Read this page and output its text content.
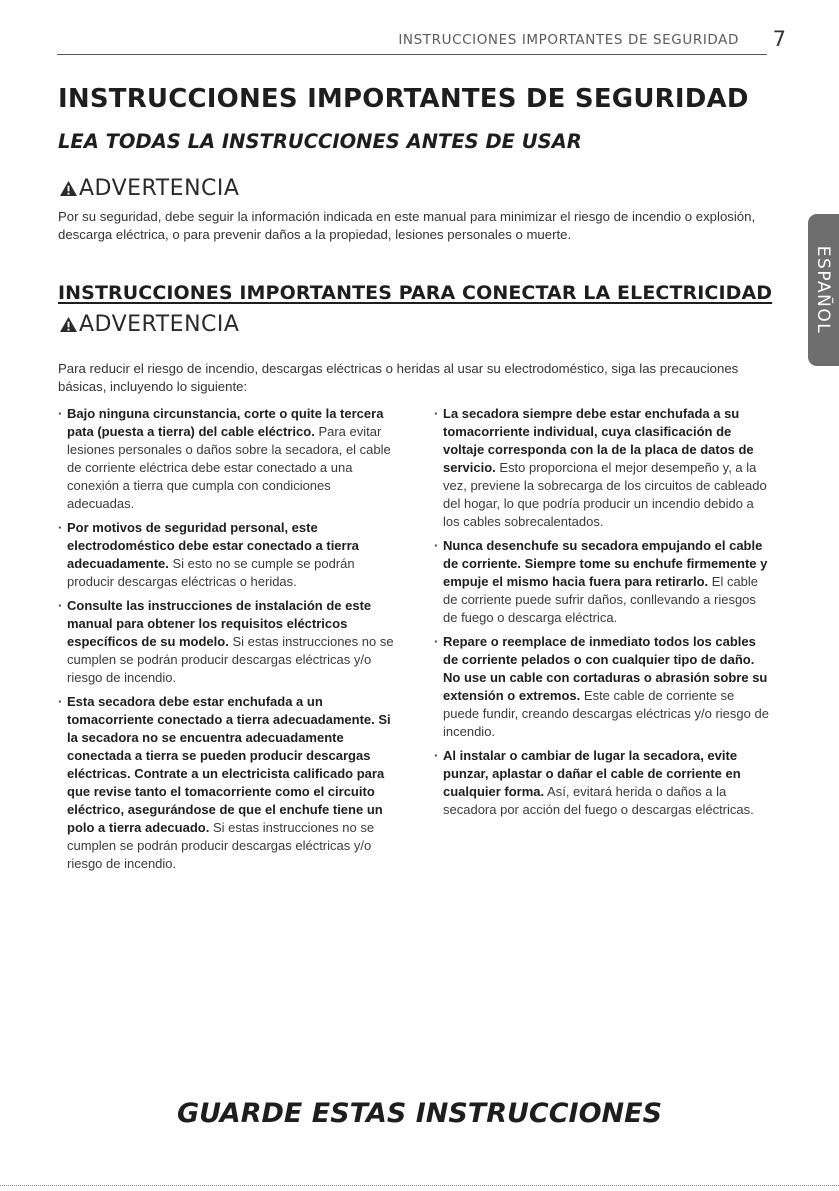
INSTRUCCIONES IMPORTANTES DE SEGURIDAD 7
ESPAÑOL
INSTRUCCIONES IMPORTANTES DE SEGURIDAD
LEA TODAS LA INSTRUCCIONES ANTES DE USAR
ADVERTENCIA

Por su seguridad, debe seguir la información indicada en este manual para minimizar el riesgo de incendio o explosión, descarga eléctrica, o para prevenir daños a la propiedad, lesiones personales o muerte.

INSTRUCCIONES IMPORTANTES PARA CONECTAR LA ELECTRICIDAD
ADVERTENCIA

Para reducir el riesgo de incendio, descargas eléctricas o heridas al usar su electrodoméstico, siga las precauciones básicas, incluyendo lo siguiente:

· Bajo ninguna circunstancia, corte o quite la tercera pata (puesta a tierra) del cable eléctrico. Para evitar lesiones personales o daños sobre la secadora, el cable de corriente eléctrica debe estar conectado a una conexión a tierra que cumpla con condiciones adecuadas.
· Por motivos de seguridad personal, este electrodoméstico debe estar conectado a tierra adecuadamente. Si esto no se cumple se podrán producir descargas eléctricas o heridas.
· Consulte las instrucciones de instalación de este manual para obtener los requisitos eléctricos específicos de su modelo. Si estas instrucciones no se cumplen se podrán producir descargas eléctricas y/o riesgo de incendio.
· Esta secadora debe estar enchufada a un tomacorriente conectado a tierra adecuadamente. Si la secadora no se encuentra adecuadamente conectada a tierra se pueden producir descargas eléctricas. Contrate a un electricista calificado para que revise tanto el tomacorriente como el circuito eléctrico, asegurándose de que el enchufe tiene un polo a tierra adecuado. Si estas instrucciones no se cumplen se podrán producir descargas eléctricas y/o riesgo de incendio.
· La secadora siempre debe estar enchufada a su tomacorriente individual, cuya clasificación de voltaje corresponda con la de la placa de datos de servicio. Esto proporciona el mejor desempeño y, a la vez, previene la sobrecarga de los circuitos de cableado del hogar, lo que podría producir un incendio debido a los cables sobrecalentados.
· Nunca desenchufe su secadora empujando el cable de corriente. Siempre tome su enchufe firmemente y empuje el mismo hacia fuera para retirarlo. El cable de corriente puede sufrir daños, conllevando a riesgos de fuego o descarga eléctrica.
· Repare o reemplace de inmediato todos los cables de corriente pelados o con cualquier tipo de daño. No use un cable con cortaduras o abrasión sobre su extensión o extremos. Este cable de corriente se puede fundir, creando descargas eléctricas y/o riesgo de incendio.
· Al instalar o cambiar de lugar la secadora, evite punzar, aplastar o dañar el cable de corriente en cualquier forma. Así, evitará herida o daños a la secadora por acción del fuego o descargas eléctricas.

GUARDE ESTAS INSTRUCCIONES
